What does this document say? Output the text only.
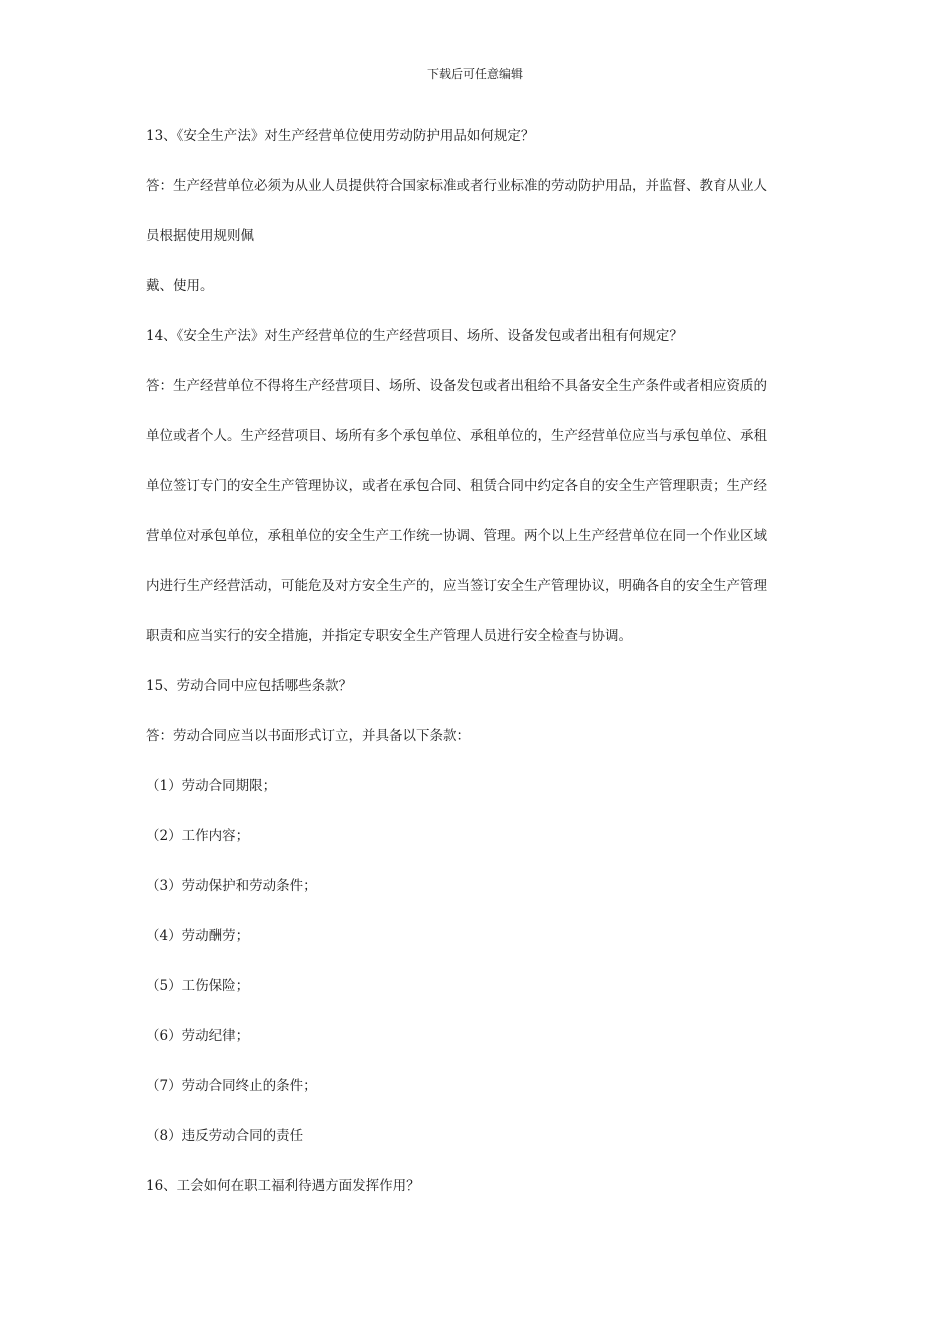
下载后可任意编辑
13、《安全生产法》对生产经营单位使用劳动防护用品如何规定？
答：生产经营单位必须为从业人员提供符合国家标准或者行业标准的劳动防护用品，并监督、教育从业人
员根据使用规则佩
戴、使用。
14、《安全生产法》对生产经营单位的生产经营项目、场所、设备发包或者出租有何规定？
答：生产经营单位不得将生产经营项目、场所、设备发包或者出租给不具备安全生产条件或者相应资质的
单位或者个人。生产经营项目、场所有多个承包单位、承租单位的，生产经营单位应当与承包单位、承租
单位签订专门的安全生产管理协议，或者在承包合同、租赁合同中约定各自的安全生产管理职责；生产经
营单位对承包单位，承租单位的安全生产工作统一协调、管理。两个以上生产经营单位在同一个作业区域
内进行生产经营活动，可能危及对方安全生产的，应当签订安全生产管理协议，明确各自的安全生产管理
职责和应当实行的安全措施，并指定专职安全生产管理人员进行安全检查与协调。
15、劳动合同中应包括哪些条款？
答：劳动合同应当以书面形式订立，并具备以下条款：
（1）劳动合同期限；
（2）工作内容；
（3）劳动保护和劳动条件；
（4）劳动酬劳；
（5）工伤保险；
（6）劳动纪律；
（7）劳动合同终止的条件；
（8）违反劳动合同的责任
16、工会如何在职工福利待遇方面发挥作用？
